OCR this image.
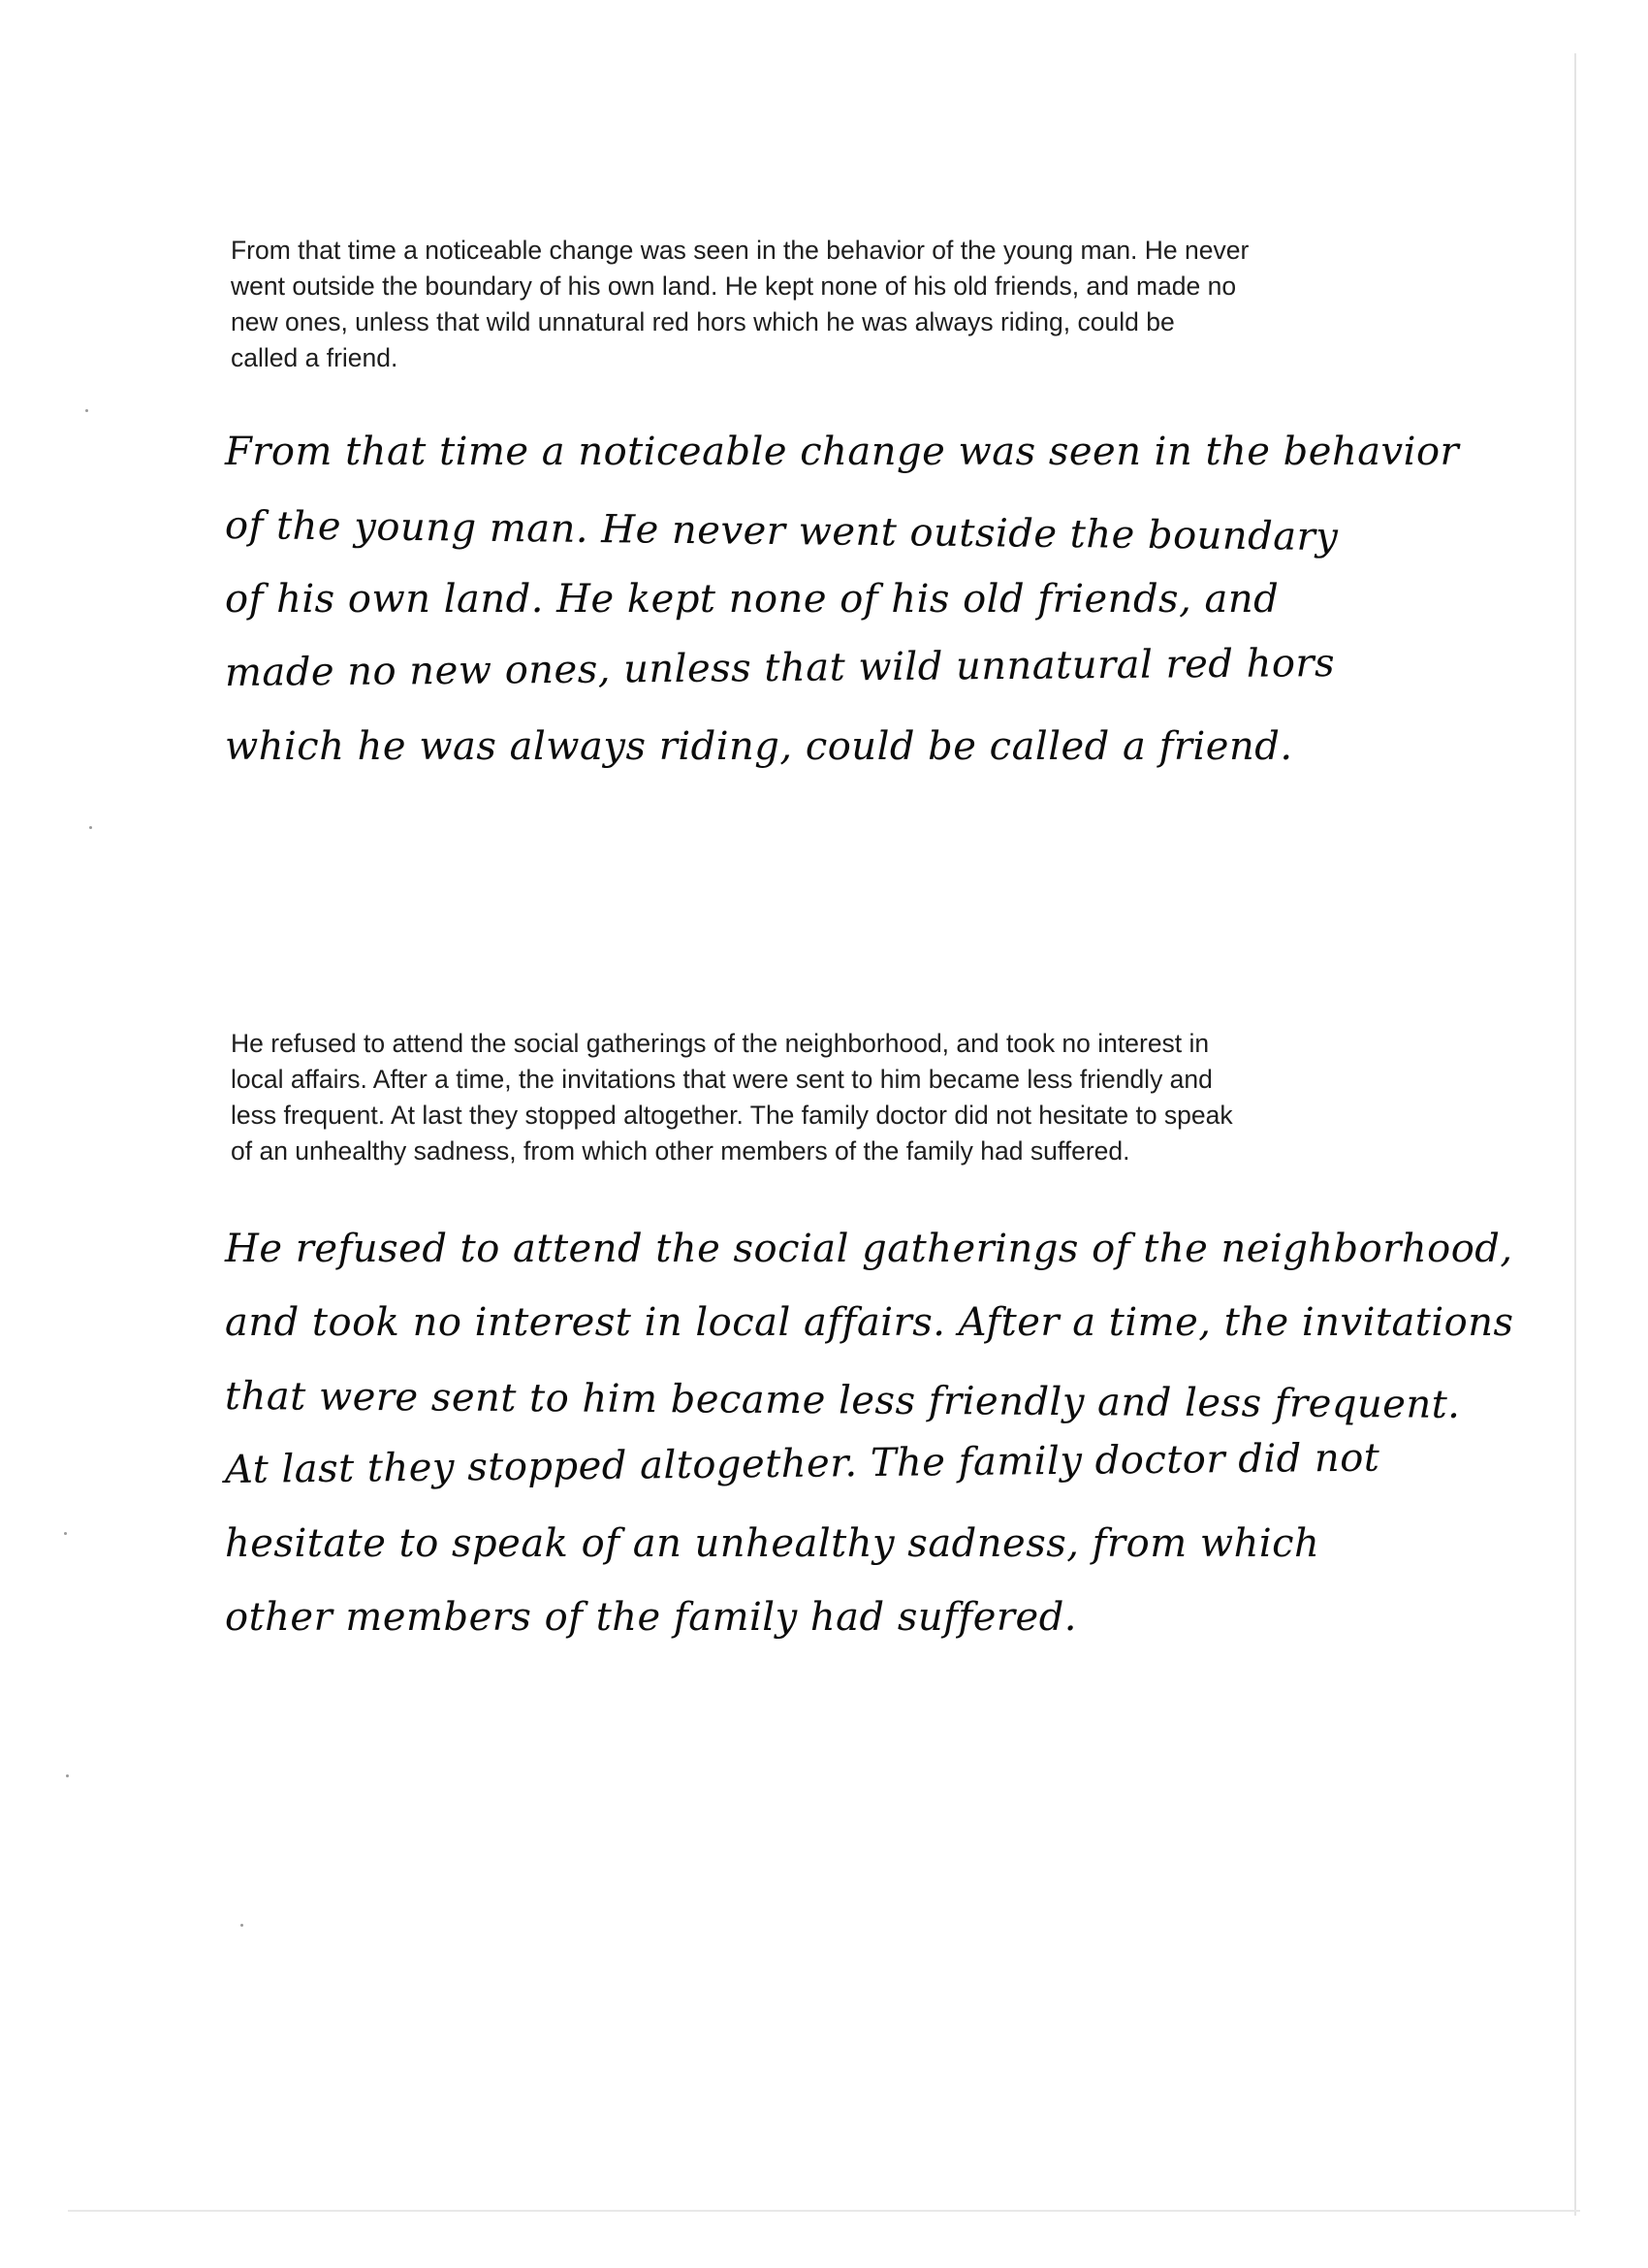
From that time a noticeable change was seen in the behavior of the young man. He never
went outside the boundary of his own land. He kept none of his old friends, and made no
new ones, unless that wild unnatural red hors which he was always riding, could be
called a friend.
From that time a noticeable change was seen in the behavior
of the young man. He never went outside the boundary
of his own land. He kept none of his old friends, and
made no new ones, unless that wild unnatural red hors
which he was always riding, could be called a friend.
He refused to attend the social gatherings of the neighborhood, and took no interest in
local affairs. After a time, the invitations that were sent to him became less friendly and
less frequent. At last they stopped altogether. The family doctor did not hesitate to speak
of an unhealthy sadness, from which other members of the family had suffered.
He refused to attend the social gatherings of the neighborhood,
and took no interest in local affairs. After a time, the invitations
that were sent to him became less friendly and less frequent.
At last they stopped altogether. The family doctor did not
hesitate to speak of an unhealthy sadness, from which
other members of the family had suffered.
